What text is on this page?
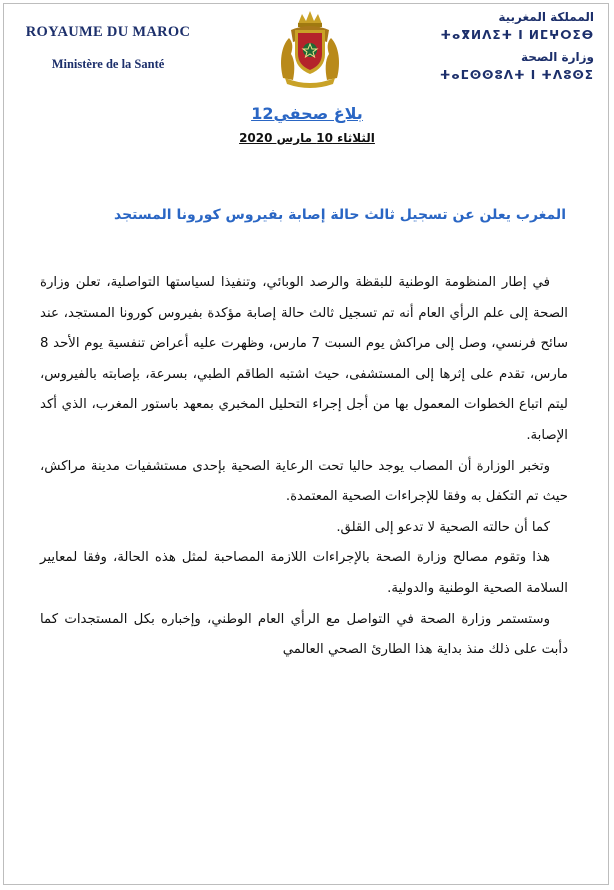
ROYAUME DU MAROC
Ministère de la Santé
المملكة المغربية
ⵜⴰⴳⵍⴷⵉⵜ ⵏ ⵍⵎⵖⵔⵉⴱ
وزارة الصحة
ⵜⴰⵎⵙⵙⵓⴷⵜ ⵏ ⵜⴷⵓⵙⵉ
بلاغ صحفي12
الثلاثاء 10 مارس 2020
المغرب يعلن عن تسجيل ثالث حالة إصابة بفيروس كورونا المستجد

في إطار المنظومة الوطنية للبقظة والرصد الوبائي، وتنفيذا لسياستها التواصلية، تعلن وزارة الصحة إلى علم الرأي العام أنه تم تسجيل ثالث حالة إصابة مؤكدة بفيروس كورونا المستجد، عند سائح فرنسي، وصل إلى مراكش يوم السبت 7 مارس، وظهرت عليه أعراض تنفسية يوم الأحد 8 مارس، تقدم على إثرها إلى المستشفى، حيث اشتبه الطاقم الطبي، بسرعة، بإصابته بالفيروس، ليتم اتباع الخطوات المعمول بها من أجل إجراء التحليل المخبري بمعهد باستور المغرب، الذي أكد الإصابة.

وتخبر الوزارة أن المصاب يوجد حاليا تحت الرعاية الصحية بإحدى مستشفيات مدينة مراكش، حيث تم التكفل به وفقا للإجراءات الصحية المعتمدة.

كما أن حالته الصحية لا تدعو إلى القلق.

هذا وتقوم مصالح وزارة الصحة بالإجراءات اللازمة المصاحبة لمثل هذه الحالة، وفقا لمعايير السلامة الصحية الوطنية والدولية.

وستستمر وزارة الصحة في التواصل مع الرأي العام الوطني، وإخباره بكل المستجدات كما دأبت على ذلك منذ بداية هذا الطارئ الصحي العالمي
